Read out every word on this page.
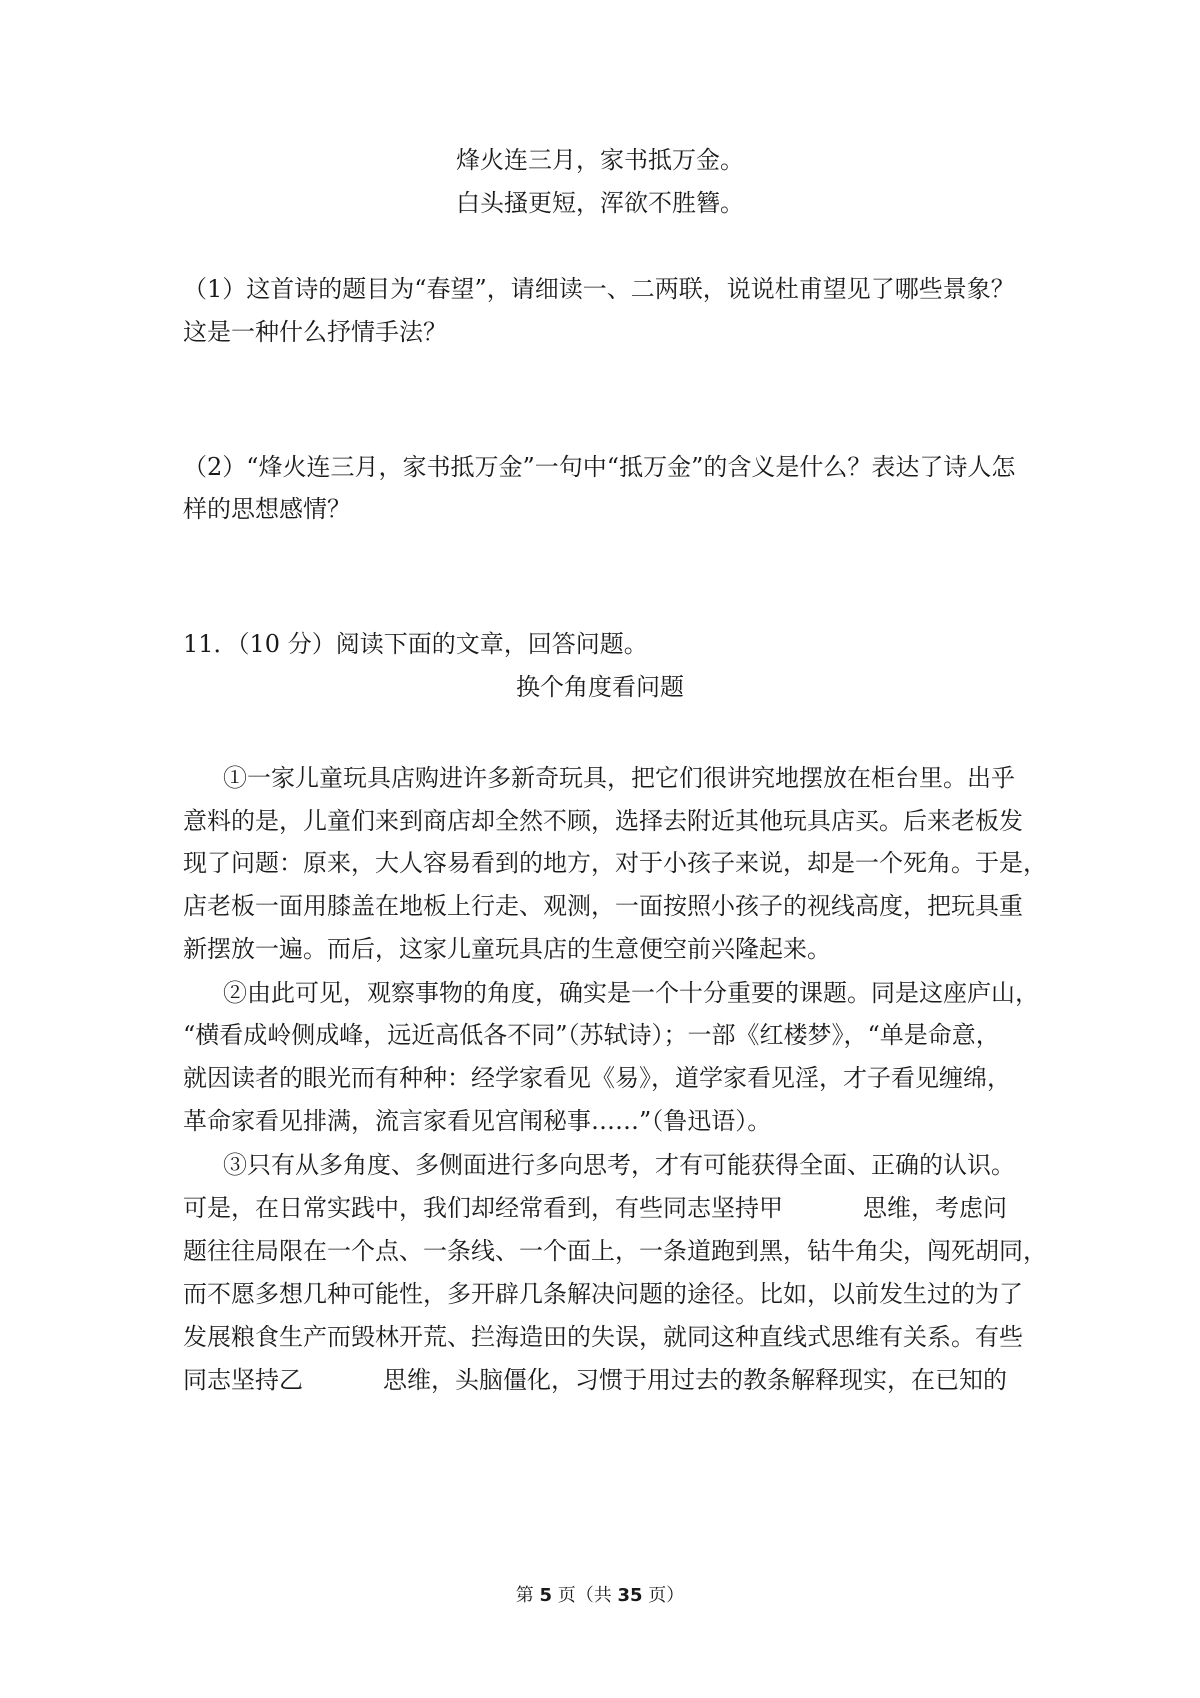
烽火连三月，家书抵万金。
白头搔更短，浑欲不胜簪。
（1）这首诗的题目为“春望”，请细读一、二两联，说说杜甫望见了哪些景象？
这是一种什么抒情手法？
（2）“烽火连三月，家书抵万金”一句中“抵万金”的含义是什么？表达了诗人怎
样的思想感情？
11．（10 分）阅读下面的文章，回答问题。
换个角度看问题
①一家儿童玩具店购进许多新奇玩具，把它们很讲究地摆放在柜台里。出乎
意料的是，儿童们来到商店却全然不顾，选择去附近其他玩具店买。后来老板发
现了问题：原来，大人容易看到的地方，对于小孩子来说，却是一个死角。于是，
店老板一面用膝盖在地板上行走、观测，一面按照小孩子的视线高度，把玩具重
新摆放一遍。而后，这家儿童玩具店的生意便空前兴隆起来。
②由此可见，观察事物的角度，确实是一个十分重要的课题。同是这座庐山，
“横看成岭侧成峰，远近高低各不同”（苏轼诗）；一部《红楼梦》，“单是命意，
就因读者的眼光而有种种：经学家看见《易》，道学家看见淫，才子看见缠绵，
革命家看见排满，流言家看见宫闱秘事……”（鲁迅语）。
③只有从多角度、多侧面进行多向思考，才有可能获得全面、正确的认识。
可是，在日常实践中，我们却经常看到，有些同志坚持甲	思维，考虑问
题往往局限在一个点、一条线、一个面上，一条道跑到黑，钻牛角尖，闯死胡同，
而不愿多想几种可能性，多开辟几条解决问题的途径。比如，以前发生过的为了
发展粮食生产而毁林开荒、拦海造田的失误，就同这种直线式思维有关系。有些
同志坚持乙	思维，头脑僵化，习惯于用过去的教条解释现实，在已知的
第 5 页（共 35 页）
